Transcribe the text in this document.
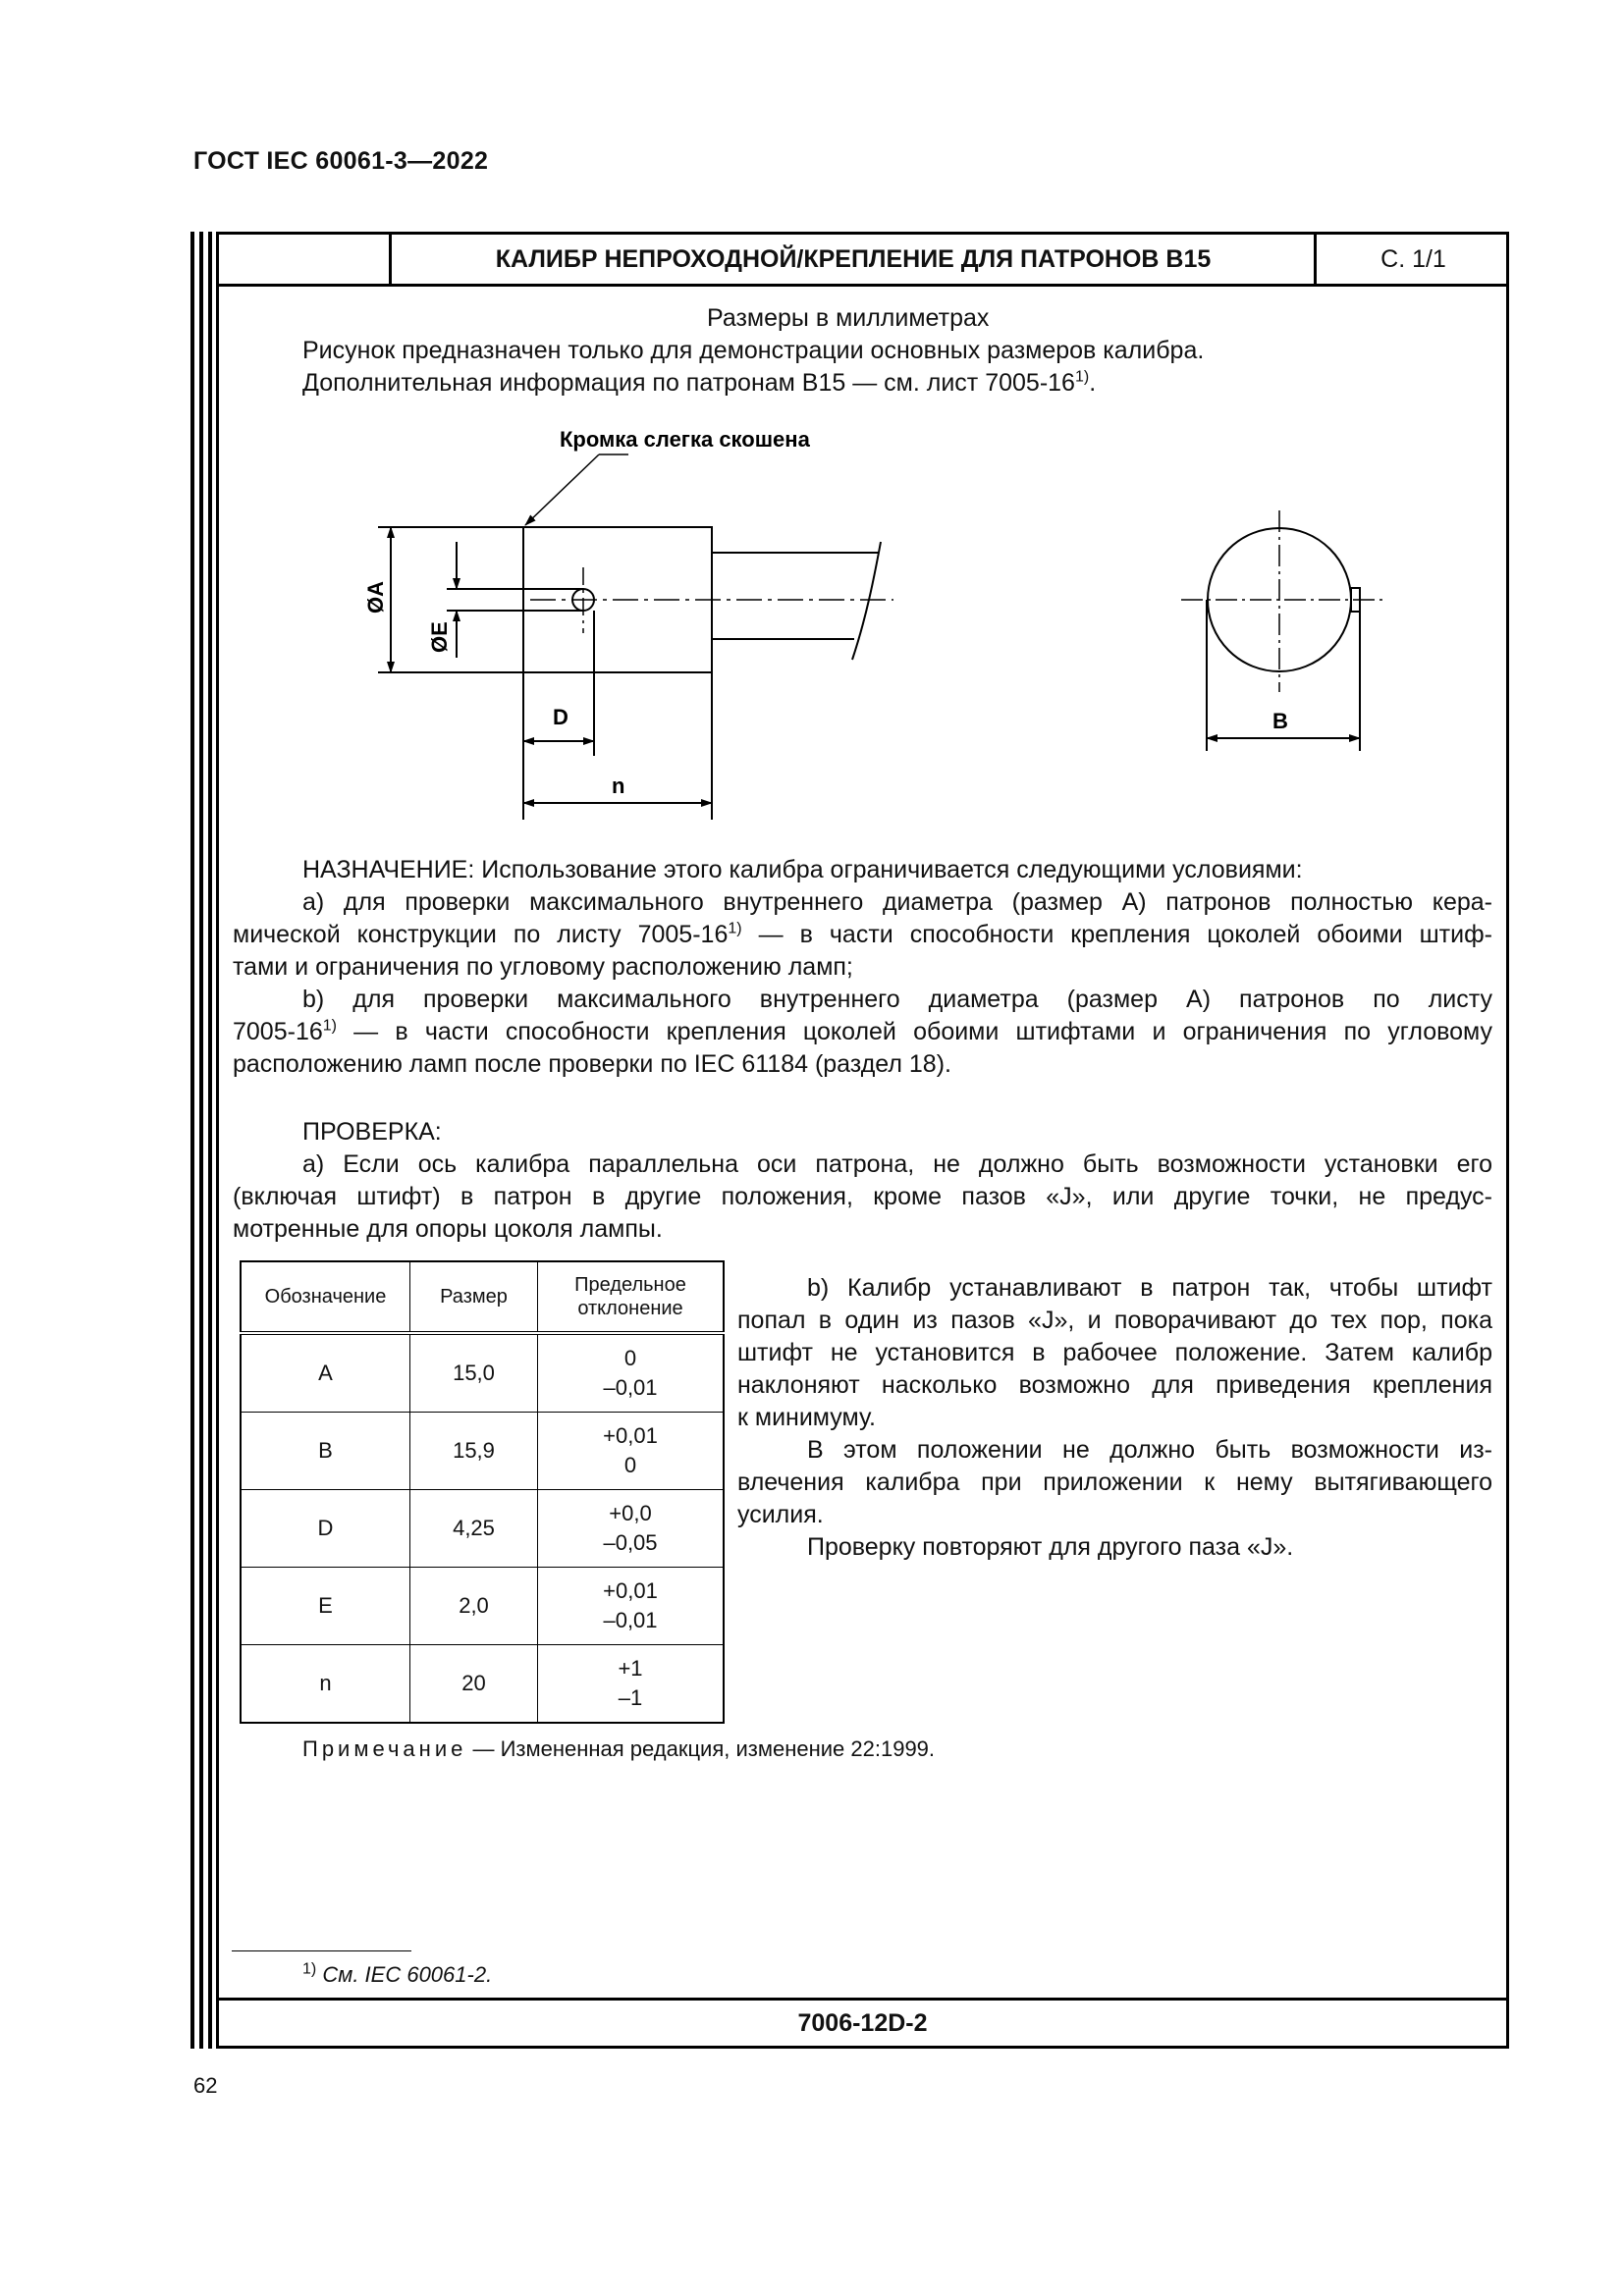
ГОСТ IEC 60061-3—2022
КАЛИБР НЕПРОХОДНОЙ/КРЕПЛЕНИЕ ДЛЯ ПАТРОНОВ B15	С. 1/1
Размеры в миллиметрах
Рисунок предназначен только для демонстрации основных размеров калибра.
Дополнительная информация по патронам B15 — см. лист 7005-16$^{1)}$.
Кромка слегка скошена
ØA
ØE
D
n
B
НАЗНАЧЕНИЕ: Использование этого калибра ограничивается следующими условиями:
а) для проверки максимального внутреннего диаметра (размер А) патронов полностью кера-
мической конструкции по листу 7005-16$^{1)}$ — в части способности крепления цоколей обоими штиф-
тами и ограничения по угловому расположению ламп;
b) для проверки максимального внутреннего диаметра (размер А) патронов по листу
7005-16$^{1)}$ — в части способности крепления цоколей обоими штифтами и ограничения по угловому
расположению ламп после проверки по IEC 61184 (раздел 18).
ПРОВЕРКА:
а) Если ось калибра параллельна оси патрона, не должно быть возможности установки его
(включая штифт) в патрон в другие положения, кроме пазов «J», или другие точки, не предус-
мотренные для опоры цоколя лампы.
Обозначение	Размер	Предельное
отклонение
A	15,0	0
–0,01
B	15,9	+0,01
0
D	4,25	+0,0
–0,05
E	2,0	+0,01
–0,01
n	20	+1
–1
b) Калибр устанавливают в патрон так, чтобы штифт
попал в один из пазов «J», и поворачивают до тех пор, пока
штифт не установится в рабочее положение. Затем калибр
наклоняют насколько возможно для приведения крепления
к минимуму.
В этом положении не должно быть возможности из-
влечения калибра при приложении к нему вытягивающего
усилия.
Проверку повторяют для другого паза «J».
Примечание — Измененная редакция, изменение 22:1999.
$^{1)}$ См. IEC 60061-2.
7006-12D-2
62
